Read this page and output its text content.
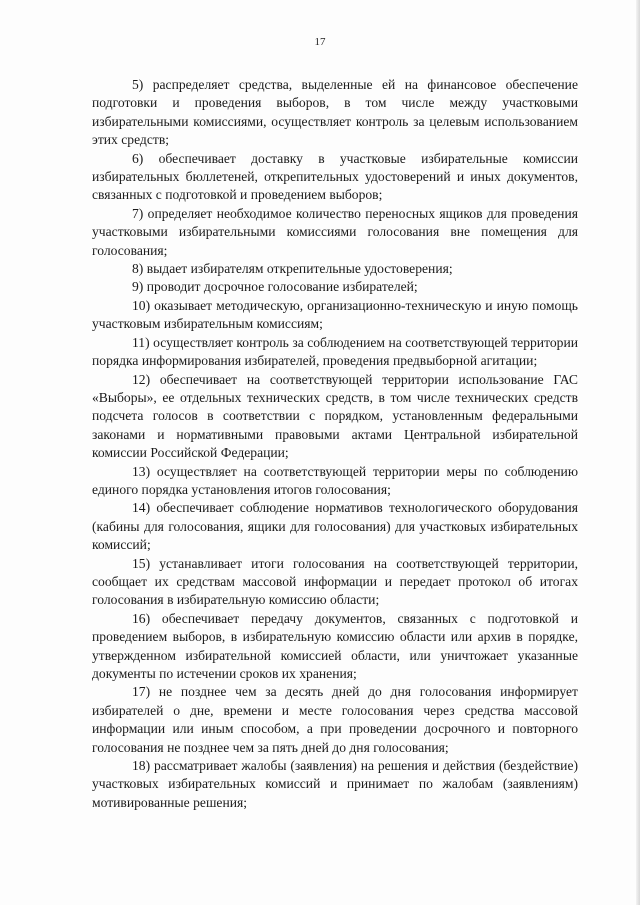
17

5) распределяет средства, выделенные ей на финансовое обеспечение подготовки и проведения выборов, в том числе между участковыми избирательными комиссиями, осуществляет контроль за целевым использованием этих средств;

6) обеспечивает доставку в участковые избирательные комиссии избирательных бюллетеней, открепительных удостоверений и иных документов, связанных с подготовкой и проведением выборов;

7) определяет необходимое количество переносных ящиков для проведения участковыми избирательными комиссиями голосования вне помещения для голосования;

8) выдает избирателям открепительные удостоверения;

9) проводит досрочное голосование избирателей;

10) оказывает методическую, организационно-техническую и иную помощь участковым избирательным комиссиям;

11) осуществляет контроль за соблюдением на соответствующей территории порядка информирования избирателей, проведения предвыборной агитации;

12) обеспечивает на соответствующей территории использование ГАС «Выборы», ее отдельных технических средств, в том числе технических средств подсчета голосов в соответствии с порядком, установленным федеральными законами и нормативными правовыми актами Центральной избирательной комиссии Российской Федерации;

13) осуществляет на соответствующей территории меры по соблюдению единого порядка установления итогов голосования;

14) обеспечивает соблюдение нормативов технологического оборудования (кабины для голосования, ящики для голосования) для участковых избирательных комиссий;

15) устанавливает итоги голосования на соответствующей территории, сообщает их средствам массовой информации и передает протокол об итогах голосования в избирательную комиссию области;

16) обеспечивает передачу документов, связанных с подготовкой и проведением выборов, в избирательную комиссию области или архив в порядке, утвержденном избирательной комиссией области, или уничтожает указанные документы по истечении сроков их хранения;

17) не позднее чем за десять дней до дня голосования информирует избирателей о дне, времени и месте голосования через средства массовой информации или иным способом, а при проведении досрочного и повторного голосования не позднее чем за пять дней до дня голосования;

18) рассматривает жалобы (заявления) на решения и действия (бездействие) участковых избирательных комиссий и принимает по жалобам (заявлениям) мотивированные решения;
